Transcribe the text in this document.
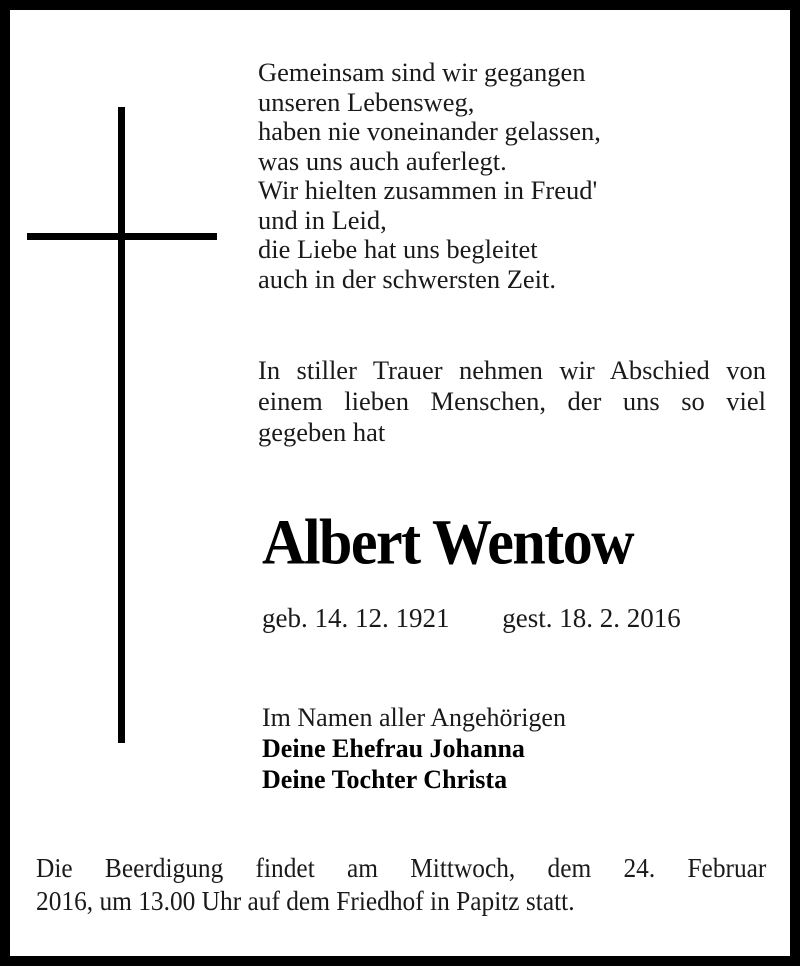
Gemeinsam sind wir gegangen
unseren Lebensweg,
haben nie voneinander gelassen,
was uns auch auferlegt.
Wir hielten zusammen in Freud'
und in Leid,
die Liebe hat uns begleitet
auch in der schwersten Zeit.
In stiller Trauer nehmen wir Abschied von einem lieben Menschen, der uns so viel gegeben hat
Albert Wentow
geb. 14. 12. 1921 gest. 18. 2. 2016
Im Namen aller Angehörigen
Deine Ehefrau Johanna
Deine Tochter Christa
Die Beerdigung findet am Mittwoch, dem 24. Februar
2016, um 13.00 Uhr auf dem Friedhof in Papitz statt.
